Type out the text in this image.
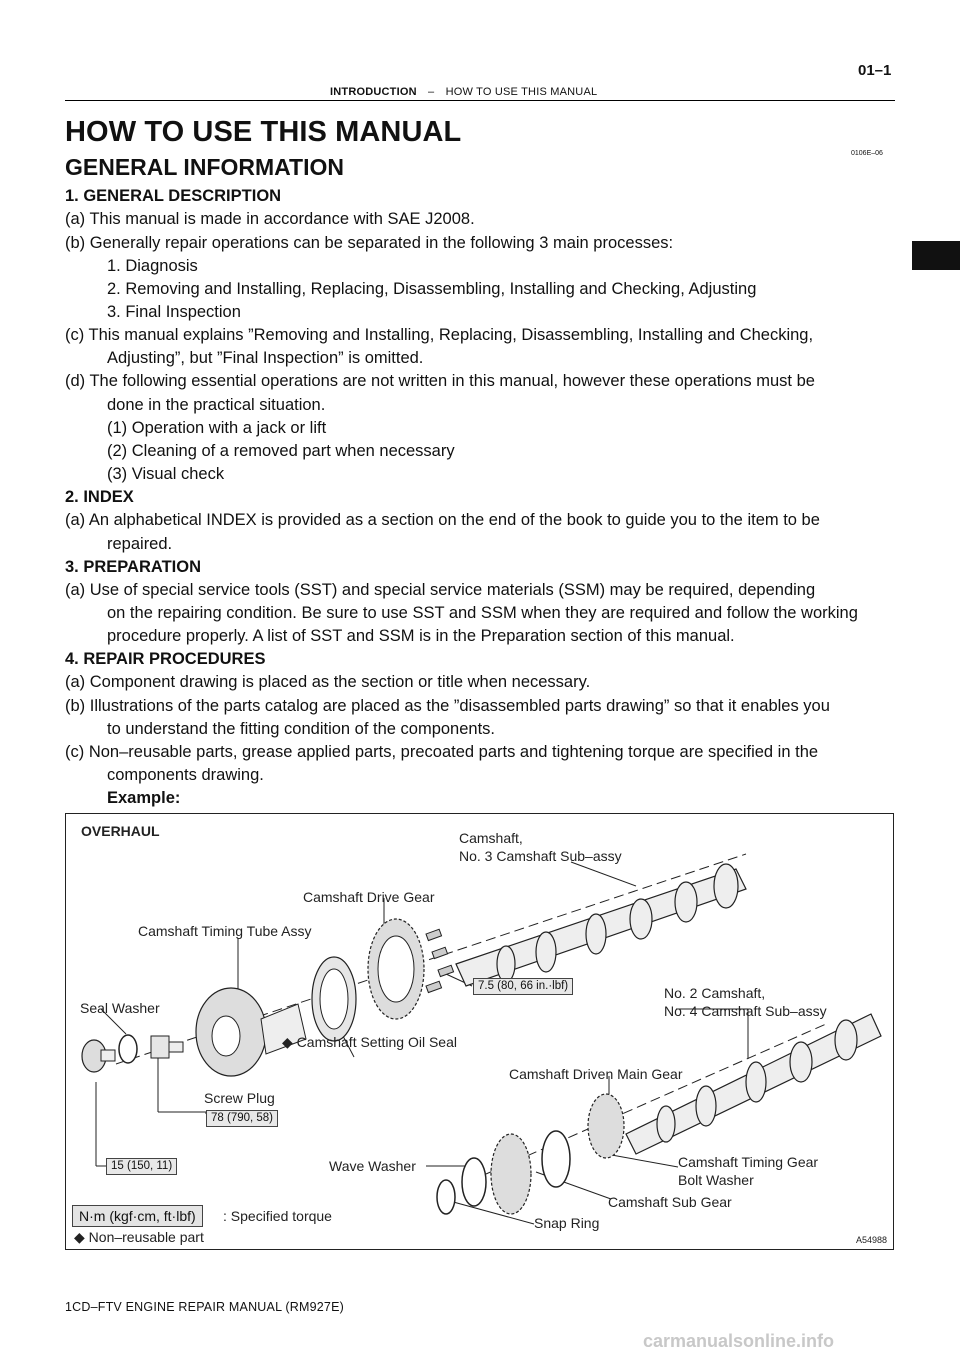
INTRODUCTION – HOW TO USE THIS MANUAL
01–1
HOW TO USE THIS MANUAL
0106E–06
GENERAL INFORMATION
1. GENERAL DESCRIPTION
(a) This manual is made in accordance with SAE J2008.
(b) Generally repair operations can be separated in the following 3 main processes:
1. Diagnosis
2. Removing and Installing, Replacing, Disassembling, Installing and Checking, Adjusting
3. Final Inspection
(c) This manual explains ”Removing and Installing, Replacing, Disassembling, Installing and Checking,
Adjusting”, but ”Final Inspection” is omitted.
(d) The following essential operations are not written in this manual, however these operations must be
done in the practical situation.
(1) Operation with a jack or lift
(2) Cleaning of a removed part when necessary
(3) Visual check
2. INDEX
(a) An alphabetical INDEX is provided as a section on the end of the book to guide you to the item to be
repaired.
3. PREPARATION
(a) Use of special service tools (SST) and special service materials (SSM) may be required, depending
on the repairing condition. Be sure to use SST and SSM when they are required and follow the working
procedure properly. A list of SST and SSM is in the Preparation section of this manual.
4. REPAIR PROCEDURES
(a) Component drawing is placed as the section or title when necessary.
(b) Illustrations of the parts catalog are placed as the ”disassembled parts drawing” so that it enables you
to understand the fitting condition of the components.
(c) Non–reusable parts, grease applied parts, precoated parts and tightening torque are specified in the
components drawing.
Example:
OVERHAUL	Camshaft,
No. 3 Camshaft Sub–assy
Camshaft Drive Gear
Camshaft Timing Tube Assy
Seal Washer
No. 2 Camshaft,
No. 4 Camshaft Sub–assy
◆ Camshaft Setting Oil Seal
Camshaft Driven Main Gear
Screw Plug
Wave Washer	Camshaft Timing Gear
Bolt Washer
Camshaft Sub Gear
Snap Ring
7.5 (80, 66 in.·lbf)
78 (790, 58)
15 (150, 11)
N·m (kgf·cm, ft·lbf)	: Specified torque
◆ Non–reusable part	A54988
1CD–FTV ENGINE REPAIR MANUAL (RM927E)
carmanualsonline.info
